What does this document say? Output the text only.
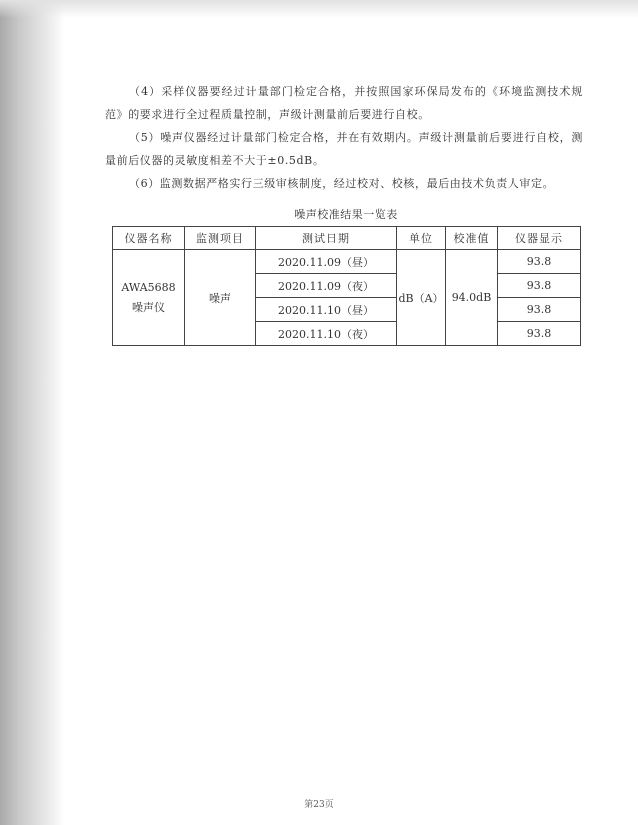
（4）采样仪器要经过计量部门检定合格，并按照国家环保局发布的《环境监测技术规范》的要求进行全过程质量控制，声级计测量前后要进行自校。

（5）噪声仪器经过计量部门检定合格，并在有效期内。声级计测量前后要进行自校，测量前后仪器的灵敏度相差不大于±0.5dB。

（6）监测数据严格实行三级审核制度，经过校对、校核，最后由技术负责人审定。

噪声校准结果一览表
仪器名称	监测项目	测试日期	单位	校准值	仪器显示
AWA5688
噪声仪	噪声	2020.11.09（昼）	dB（A）	94.0dB	93.8
		2020.11.09（夜）			93.8
		2020.11.10（昼）			93.8
		2020.11.10（夜）			93.8
第23页
